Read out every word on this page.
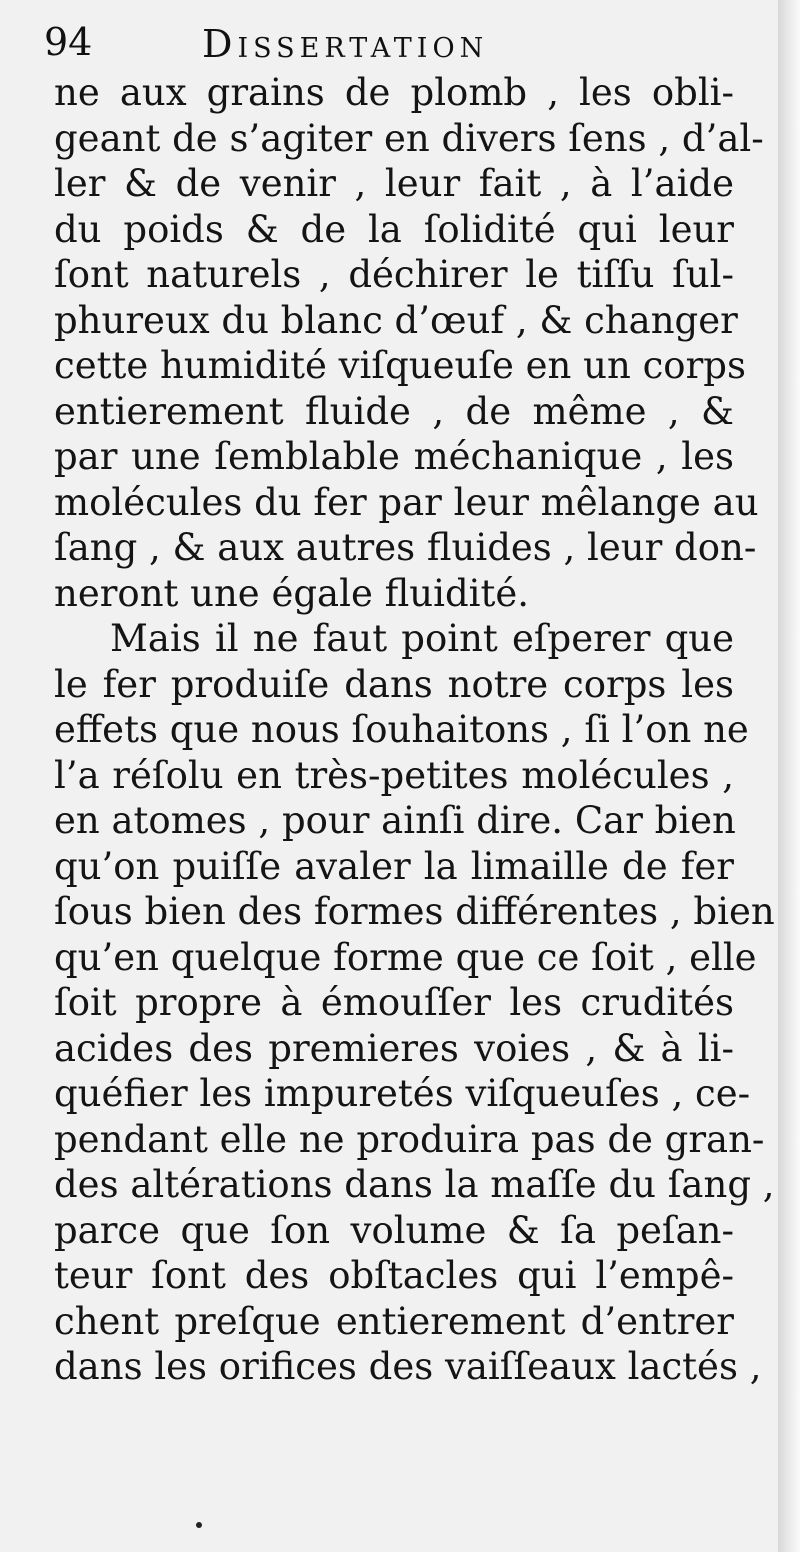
94	Dissertation
ne aux grains de plomb , les obli-
geant de s’agiter en divers ſens , d’al-
ler & de venir , leur fait , à l’aide
du poids & de la ſolidité qui leur
ſont naturels , déchirer le tiſſu ſul-
phureux du blanc d’œuf , & changer
cette humidité viſqueuſe en un corps
entierement fluide , de même , &
par une ſemblable méchanique , les
molécules du fer par leur mêlange au
ſang , & aux autres fluides , leur don-
neront une égale fluidité.
Mais il ne faut point eſperer que
le fer produiſe dans notre corps les
effets que nous ſouhaitons , ſi l’on ne
l’a réſolu en très-petites molécules ,
en atomes , pour ainſi dire. Car bien
qu’on puiſſe avaler la limaille de fer
ſous bien des formes différentes , bien
qu’en quelque forme que ce ſoit , elle
ſoit propre à émouſſer les crudités
acides des premieres voies , & à li-
quéfier les impuretés viſqueuſes , ce-
pendant elle ne produira pas de gran-
des altérations dans la maſſe du ſang ,
parce que ſon volume & ſa peſan-
teur ſont des obſtacles qui l’empê-
chent preſque entierement d’entrer
dans les orifices des vaiſſeaux lactés ,
